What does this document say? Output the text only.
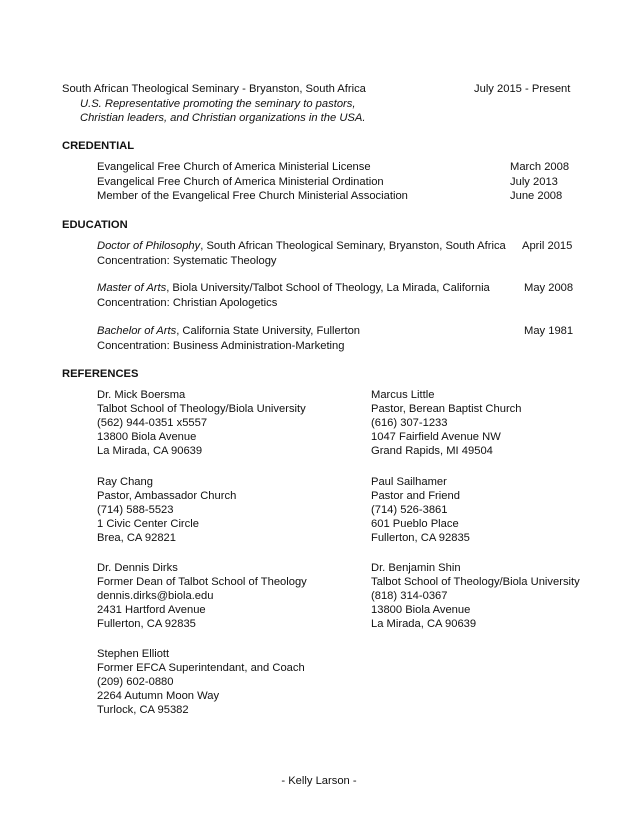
South African Theological Seminary - Bryanston, South Africa	July 2015 - Present
U.S. Representative promoting the seminary to pastors,
Christian leaders, and Christian organizations in the USA.
CREDENTIAL
Evangelical Free Church of America Ministerial License	March 2008
Evangelical Free Church of America Ministerial Ordination	July 2013
Member of the Evangelical Free Church Ministerial Association	June 2008
EDUCATION
Doctor of Philosophy, South African Theological Seminary, Bryanston, South Africa April 2015
Concentration: Systematic Theology
Master of Arts, Biola University/Talbot School of Theology, La Mirada, California	May 2008
Concentration: Christian Apologetics
Bachelor of Arts, California State University, Fullerton	May 1981
Concentration: Business Administration-Marketing
REFERENCES
Dr. Mick Boersma
Talbot School of Theology/Biola University
(562) 944-0351 x5557
13800 Biola Avenue
La Mirada, CA 90639
Ray Chang
Pastor, Ambassador Church
(714) 588-5523
1 Civic Center Circle
Brea, CA 92821
Dr. Dennis Dirks
Former Dean of Talbot School of Theology
dennis.dirks@biola.edu
2431 Hartford Avenue
Fullerton, CA 92835
Stephen Elliott
Former EFCA Superintendant, and Coach
(209) 602-0880
2264 Autumn Moon Way
Turlock, CA 95382
Marcus Little
Pastor, Berean Baptist Church
(616) 307-1233
1047 Fairfield Avenue NW
Grand Rapids, MI 49504
Paul Sailhamer
Pastor and Friend
(714) 526-3861
601 Pueblo Place
Fullerton, CA 92835
Dr. Benjamin Shin
Talbot School of Theology/Biola University
(818) 314-0367
13800 Biola Avenue
La Mirada, CA 90639
- Kelly Larson -
